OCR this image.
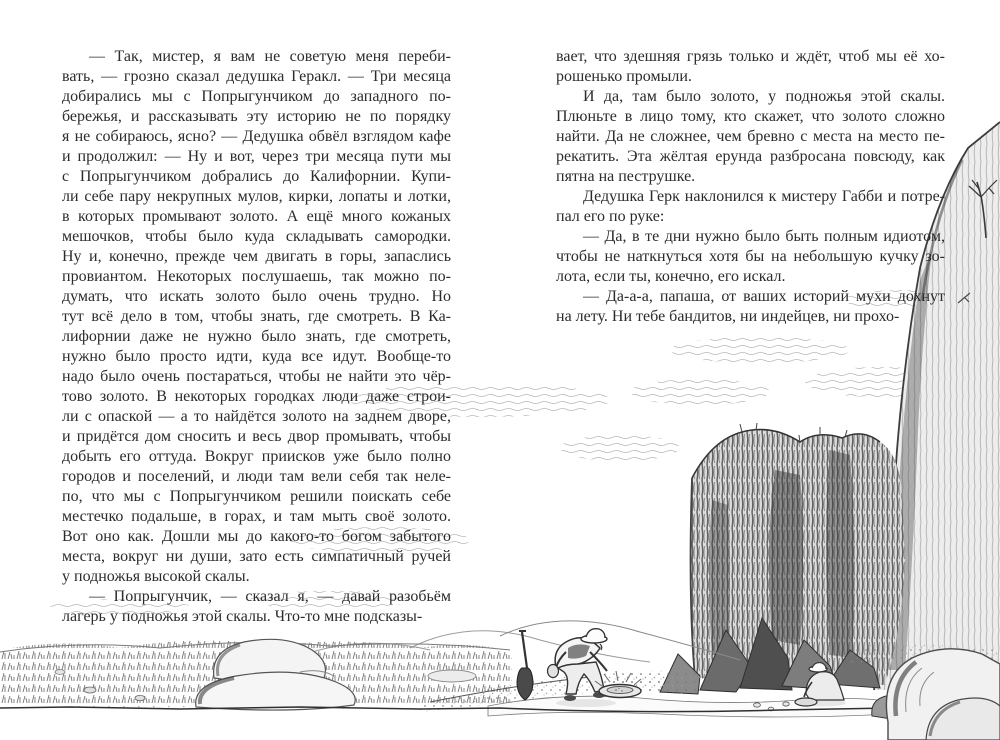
— Так, мистер, я вам не советую меня переби-
вать, — грозно сказал дедушка Геракл. — Три месяца
добирались мы с Попрыгунчиком до западного по-
бережья, и рассказывать эту историю не по порядку
я не собираюсь, ясно? — Дедушка обвёл взглядом кафе
и продолжил: — Ну и вот, через три месяца пути мы
с Попрыгунчиком добрались до Калифорнии. Купи-
ли себе пару некрупных мулов, кирки, лопаты и лотки,
в которых промывают золото. А ещё много кожаных
мешочков, чтобы было куда складывать самородки.
Ну и, конечно, прежде чем двигать в горы, запаслись
провиантом. Некоторых послушаешь, так можно по-
думать, что искать золото было очень трудно. Но
тут всё дело в том, чтобы знать, где смотреть. В Ка-
лифорнии даже не нужно было знать, где смотреть,
нужно было просто идти, куда все идут. Вообще-то
надо было очень постараться, чтобы не найти это чёр-
тово золото. В некоторых городках люди даже строи-
ли с опаской — а то найдётся золото на заднем дворе,
и придётся дом сносить и весь двор промывать, чтобы
добыть его оттуда. Вокруг приисков уже было полно
городов и поселений, и люди там вели себя так неле-
по, что мы с Попрыгунчиком решили поискать себе
местечко подальше, в горах, и там мыть своё золото.
Вот оно как. Дошли мы до какого-то богом забытого
места, вокруг ни души, зато есть симпатичный ручей
у подножья высокой скалы.
— Попрыгунчик, — сказал я, — давай разобьём
лагерь у подножья этой скалы. Что-то мне подсказы-
вает, что здешняя грязь только и ждёт, чтоб мы её хо-
рошенько промыли.
И да, там было золото, у подножья этой скалы.
Плюньте в лицо тому, кто скажет, что золото сложно
найти. Да не сложнее, чем бревно с места на место пе-
рекатить. Эта жёлтая ерунда разбросана повсюду, как
пятна на пеструшке.
Дедушка Герк наклонился к мистеру Габби и потре-
пал его по руке:
— Да, в те дни нужно было быть полным идиотом,
чтобы не наткнуться хотя бы на небольшую кучку зо-
лота, если ты, конечно, его искал.
— Да-а-а, папаша, от ваших историй мухи дохнут
на лету. Ни тебе бандитов, ни индейцев, ни прохо-
